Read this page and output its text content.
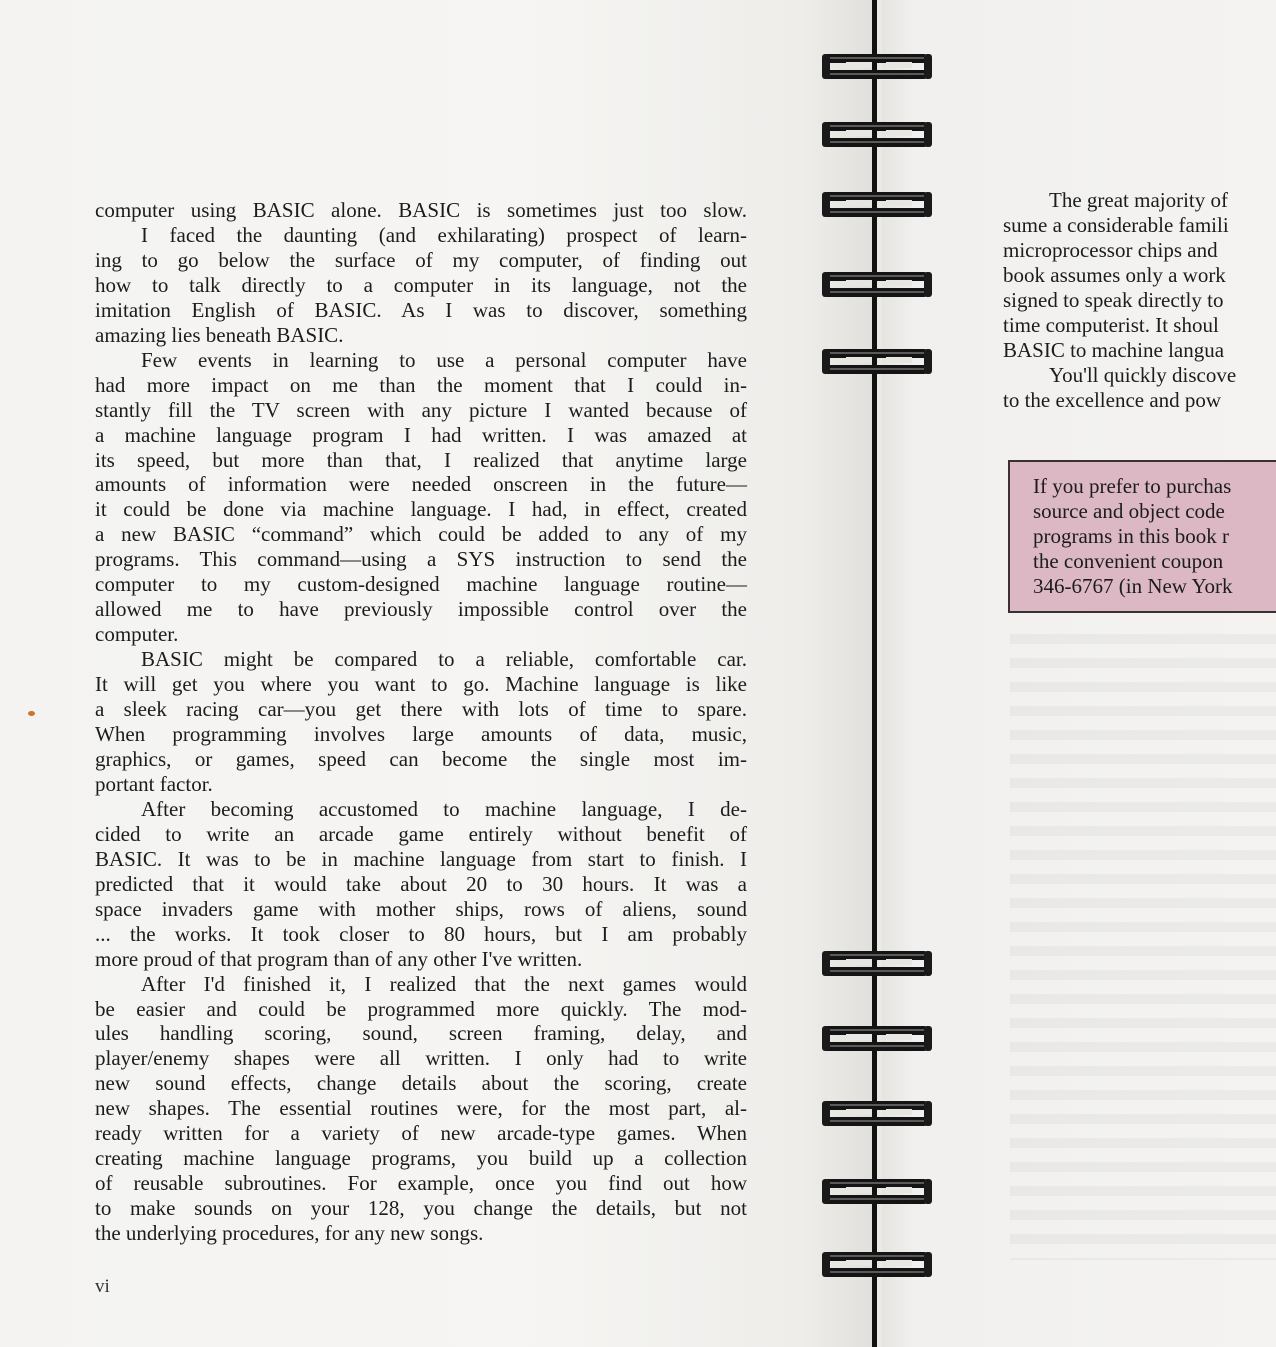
computer using BASIC alone. BASIC is sometimes just too slow.
I faced the daunting (and exhilarating) prospect of learn-
ing to go below the surface of my computer, of finding out
how to talk directly to a computer in its language, not the
imitation English of BASIC. As I was to discover, something
amazing lies beneath BASIC.
Few events in learning to use a personal computer have
had more impact on me than the moment that I could in-
stantly fill the TV screen with any picture I wanted because of
a machine language program I had written. I was amazed at
its speed, but more than that, I realized that anytime large
amounts of information were needed onscreen in the future—
it could be done via machine language. I had, in effect, created
a new BASIC “command” which could be added to any of my
programs. This command—using a SYS instruction to send the
computer to my custom-designed machine language routine—
allowed me to have previously impossible control over the
computer.
BASIC might be compared to a reliable, comfortable car.
It will get you where you want to go. Machine language is like
a sleek racing car—you get there with lots of time to spare.
When programming involves large amounts of data, music,
graphics, or games, speed can become the single most im-
portant factor.
After becoming accustomed to machine language, I de-
cided to write an arcade game entirely without benefit of
BASIC. It was to be in machine language from start to finish. I
predicted that it would take about 20 to 30 hours. It was a
space invaders game with mother ships, rows of aliens, sound
... the works. It took closer to 80 hours, but I am probably
more proud of that program than of any other I've written.
After I'd finished it, I realized that the next games would
be easier and could be programmed more quickly. The mod-
ules handling scoring, sound, screen framing, delay, and
player/enemy shapes were all written. I only had to write
new sound effects, change details about the scoring, create
new shapes. The essential routines were, for the most part, al-
ready written for a variety of new arcade-type games. When
creating machine language programs, you build up a collection
of reusable subroutines. For example, once you find out how
to make sounds on your 128, you change the details, but not
the underlying procedures, for any new songs.
vi
The great majority of
sume a considerable famili
microprocessor chips and
book assumes only a work
signed to speak directly to
time computerist. It shoul
BASIC to machine langua
You'll quickly discove
to the excellence and pow
If you prefer to purchas
source and object code
programs in this book r
the convenient coupon
346-6767 (in New York
